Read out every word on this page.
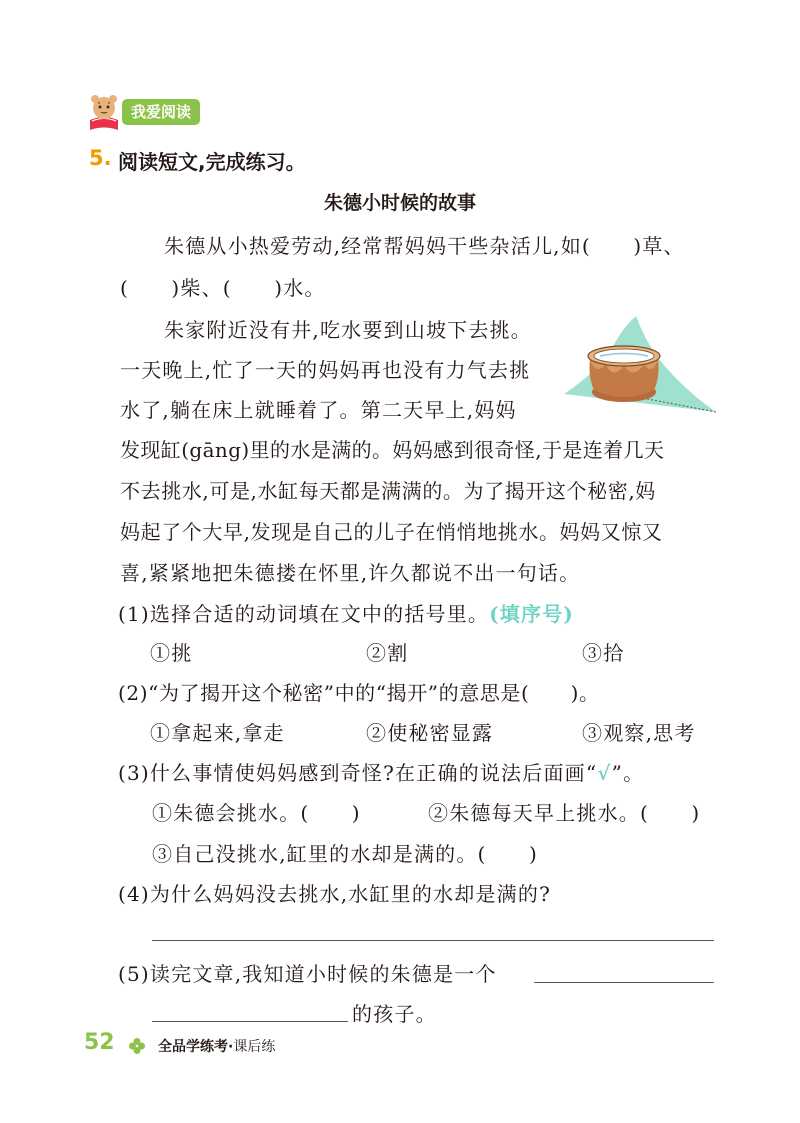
我爱阅读
5. 阅读短文,完成练习。
朱德小时候的故事
朱德从小热爱劳动,经常帮妈妈干些杂活儿,如(　　)草、
(　　)柴、(　　)水。
朱家附近没有井,吃水要到山坡下去挑。
一天晚上,忙了一天的妈妈再也没有力气去挑
水了,躺在床上就睡着了。第二天早上,妈妈
发现缸(gāng)里的水是满的。妈妈感到很奇怪,于是连着几天
不去挑水,可是,水缸每天都是满满的。为了揭开这个秘密,妈
妈起了个大早,发现是自己的儿子在悄悄地挑水。妈妈又惊又
喜,紧紧地把朱德搂在怀里,许久都说不出一句话。
(1)选择合适的动词填在文中的括号里。(填序号)
①挑	②割	③拾
(2)“为了揭开这个秘密”中的“揭开”的意思是(　　)。
①拿起来,拿走	②使秘密显露	③观察,思考
(3)什么事情使妈妈感到奇怪?在正确的说法后面画“√”。
①朱德会挑水。(　　)	②朱德每天早上挑水。(　　)
③自己没挑水,缸里的水却是满的。(　　)
(4)为什么妈妈没去挑水,水缸里的水却是满的?
(5)读完文章,我知道小时候的朱德是一个
的孩子。
52	全品学练考·课后练
